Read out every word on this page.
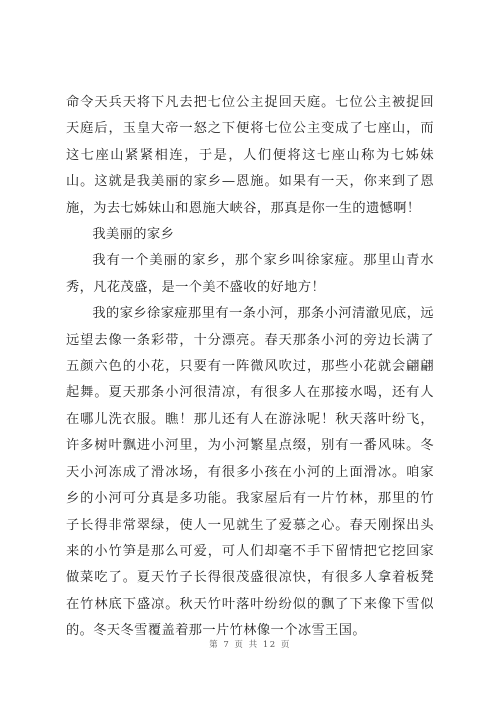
命令天兵天将下凡去把七位公主捉回天庭。七位公主被捉回天庭后，玉皇大帝一怒之下便将七位公主变成了七座山，而这七座山紧紧相连，于是，人们便将这七座山称为七姊妹山。这就是我美丽的家乡—恩施。如果有一天，你来到了恩施，为去七姊妹山和恩施大峡谷，那真是你一生的遗憾啊！

我美丽的家乡

我有一个美丽的家乡，那个家乡叫徐家痖。那里山青水秀，凡花茂盛，是一个美不盛收的好地方！

我的家乡徐家痖那里有一条小河，那条小河清澈见底，远远望去像一条彩带，十分漂亮。春天那条小河的旁边长满了五颜六色的小花，只要有一阵微风吹过，那些小花就会翩翩起舞。夏天那条小河很清凉，有很多人在那接水喝，还有人在哪儿洗衣服。瞧！那儿还有人在游泳呢！秋天落叶纷飞，许多树叶飘进小河里，为小河繁星点缀，别有一番风味。冬天小河冻成了滑冰场，有很多小孩在小河的上面滑冰。咱家乡的小河可分真是多功能。我家屋后有一片竹林，那里的竹子长得非常翠绿，使人一见就生了爱慕之心。春天刚探出头来的小竹笋是那么可爱，可人们却毫不手下留情把它挖回家做菜吃了。夏天竹子长得很茂盛很凉快，有很多人拿着板凳在竹林底下盛凉。秋天竹叶落叶纷纷似的飘了下来像下雪似的。冬天冬雪覆盖着那一片竹林像一个冰雪王国。

第 7 页 共 12 页
